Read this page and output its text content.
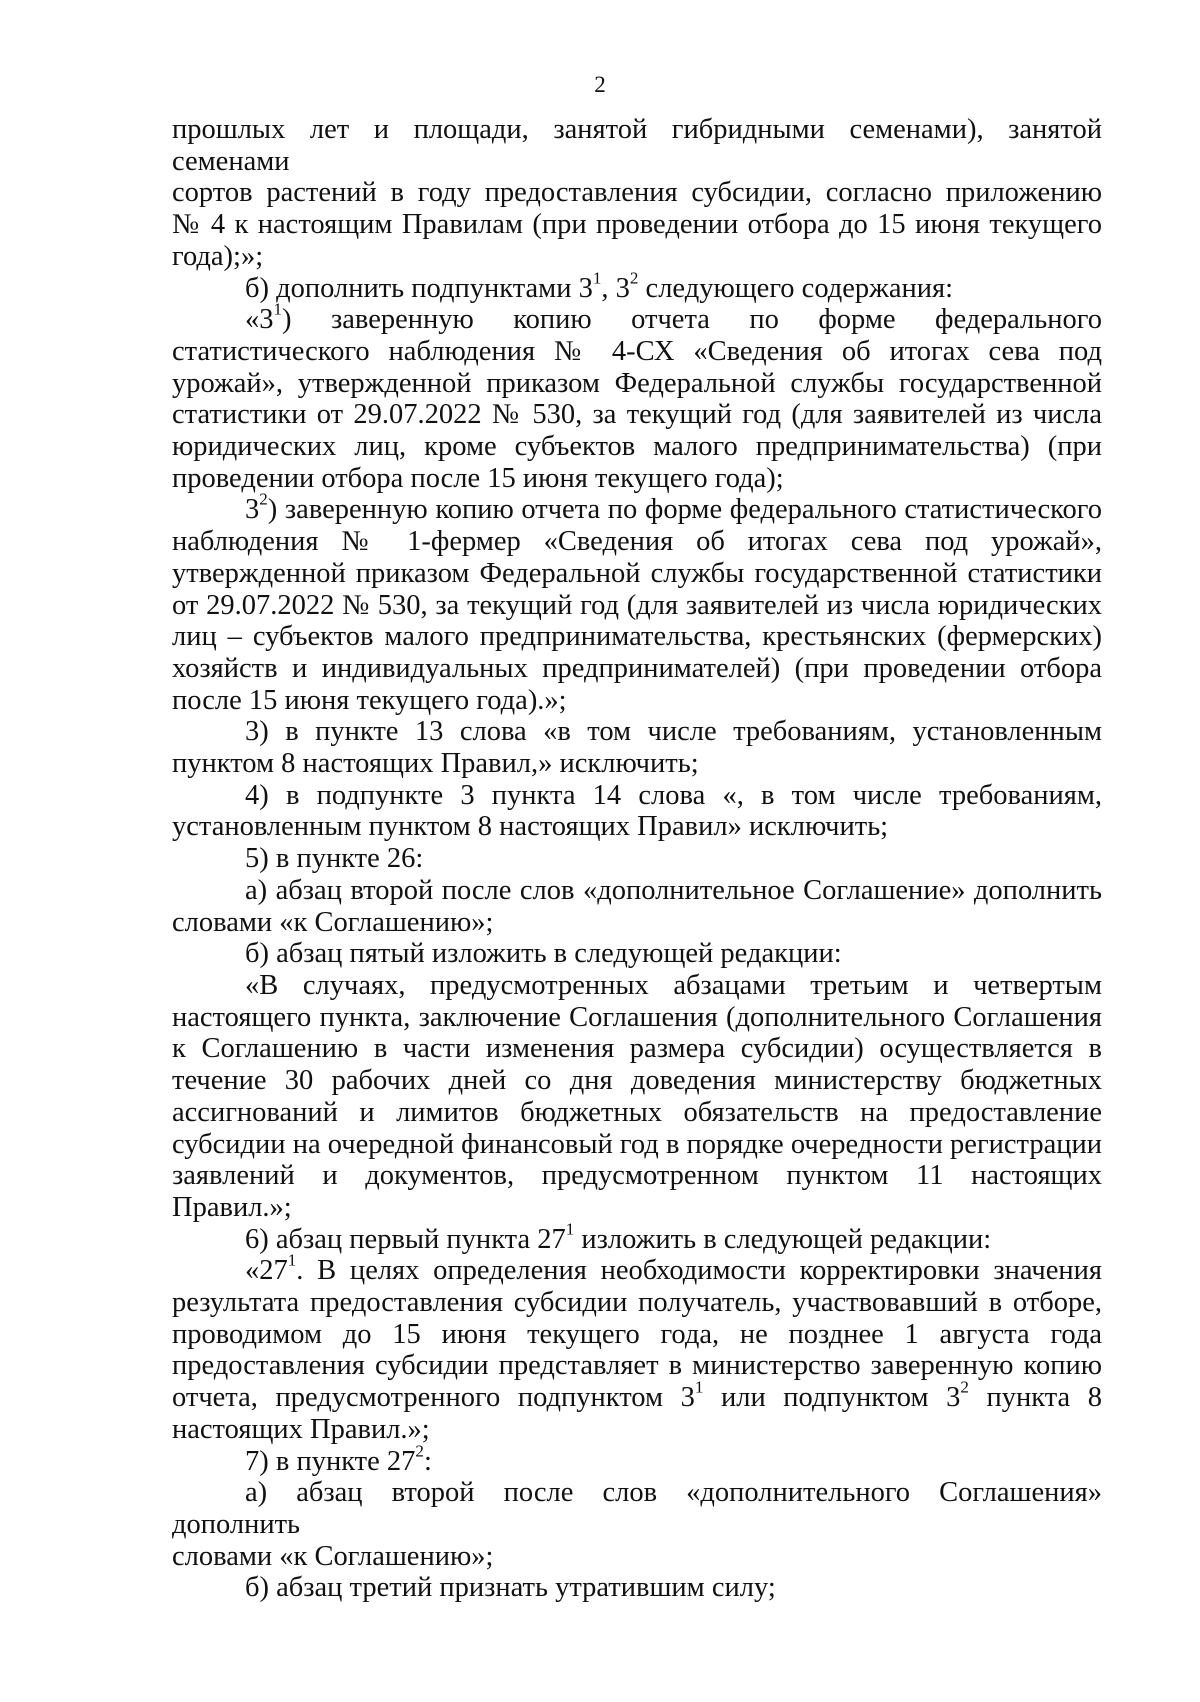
2
прошлых лет и площади, занятой гибридными семенами), занятой семенами
сортов растений в году предоставления субсидии, согласно приложению
№ 4 к настоящим Правилам (при проведении отбора до 15 июня текущего
года);»;
б) дополнить подпунктами $3^1$, $3^2$ следующего содержания:
«$3^1$) заверенную копию отчета по форме федерального
статистического наблюдения № 4-СХ «Сведения об итогах сева под
урожай», утвержденной приказом Федеральной службы государственной
статистики от 29.07.2022 № 530, за текущий год (для заявителей из числа
юридических лиц, кроме субъектов малого предпринимательства) (при
проведении отбора после 15 июня текущего года);
$3^2$) заверенную копию отчета по форме федерального статистического
наблюдения № 1-фермер «Сведения об итогах сева под урожай»,
утвержденной приказом Федеральной службы государственной статистики
от 29.07.2022 № 530, за текущий год (для заявителей из числа юридических
лиц – субъектов малого предпринимательства, крестьянских (фермерских)
хозяйств и индивидуальных предпринимателей) (при проведении отбора
после 15 июня текущего года).»;
3) в пункте 13 слова «в том числе требованиям, установленным
пунктом 8 настоящих Правил,» исключить;
4) в подпункте 3 пункта 14 слова «, в том числе требованиям,
установленным пунктом 8 настоящих Правил» исключить;
5) в пункте 26:
а) абзац второй после слов «дополнительное Соглашение» дополнить
словами «к Соглашению»;
б) абзац пятый изложить в следующей редакции:
«В случаях, предусмотренных абзацами третьим и четвертым
настоящего пункта, заключение Соглашения (дополнительного Соглашения
к Соглашению в части изменения размера субсидии) осуществляется в
течение 30 рабочих дней со дня доведения министерству бюджетных
ассигнований и лимитов бюджетных обязательств на предоставление
субсидии на очередной финансовый год в порядке очередности регистрации
заявлений и документов, предусмотренном пунктом 11 настоящих
Правил.»;
6) абзац первый пункта $27^1$ изложить в следующей редакции:
«$27^1$. В целях определения необходимости корректировки значения
результата предоставления субсидии получатель, участвовавший в отборе,
проводимом до 15 июня текущего года, не позднее 1 августа года
предоставления субсидии представляет в министерство заверенную копию
отчета, предусмотренного подпунктом $3^1$ или подпунктом $3^2$ пункта 8
настоящих Правил.»;
7) в пункте $27^2$:
а) абзац второй после слов «дополнительного Соглашения» дополнить
словами «к Соглашению»;
б) абзац третий признать утратившим силу;
